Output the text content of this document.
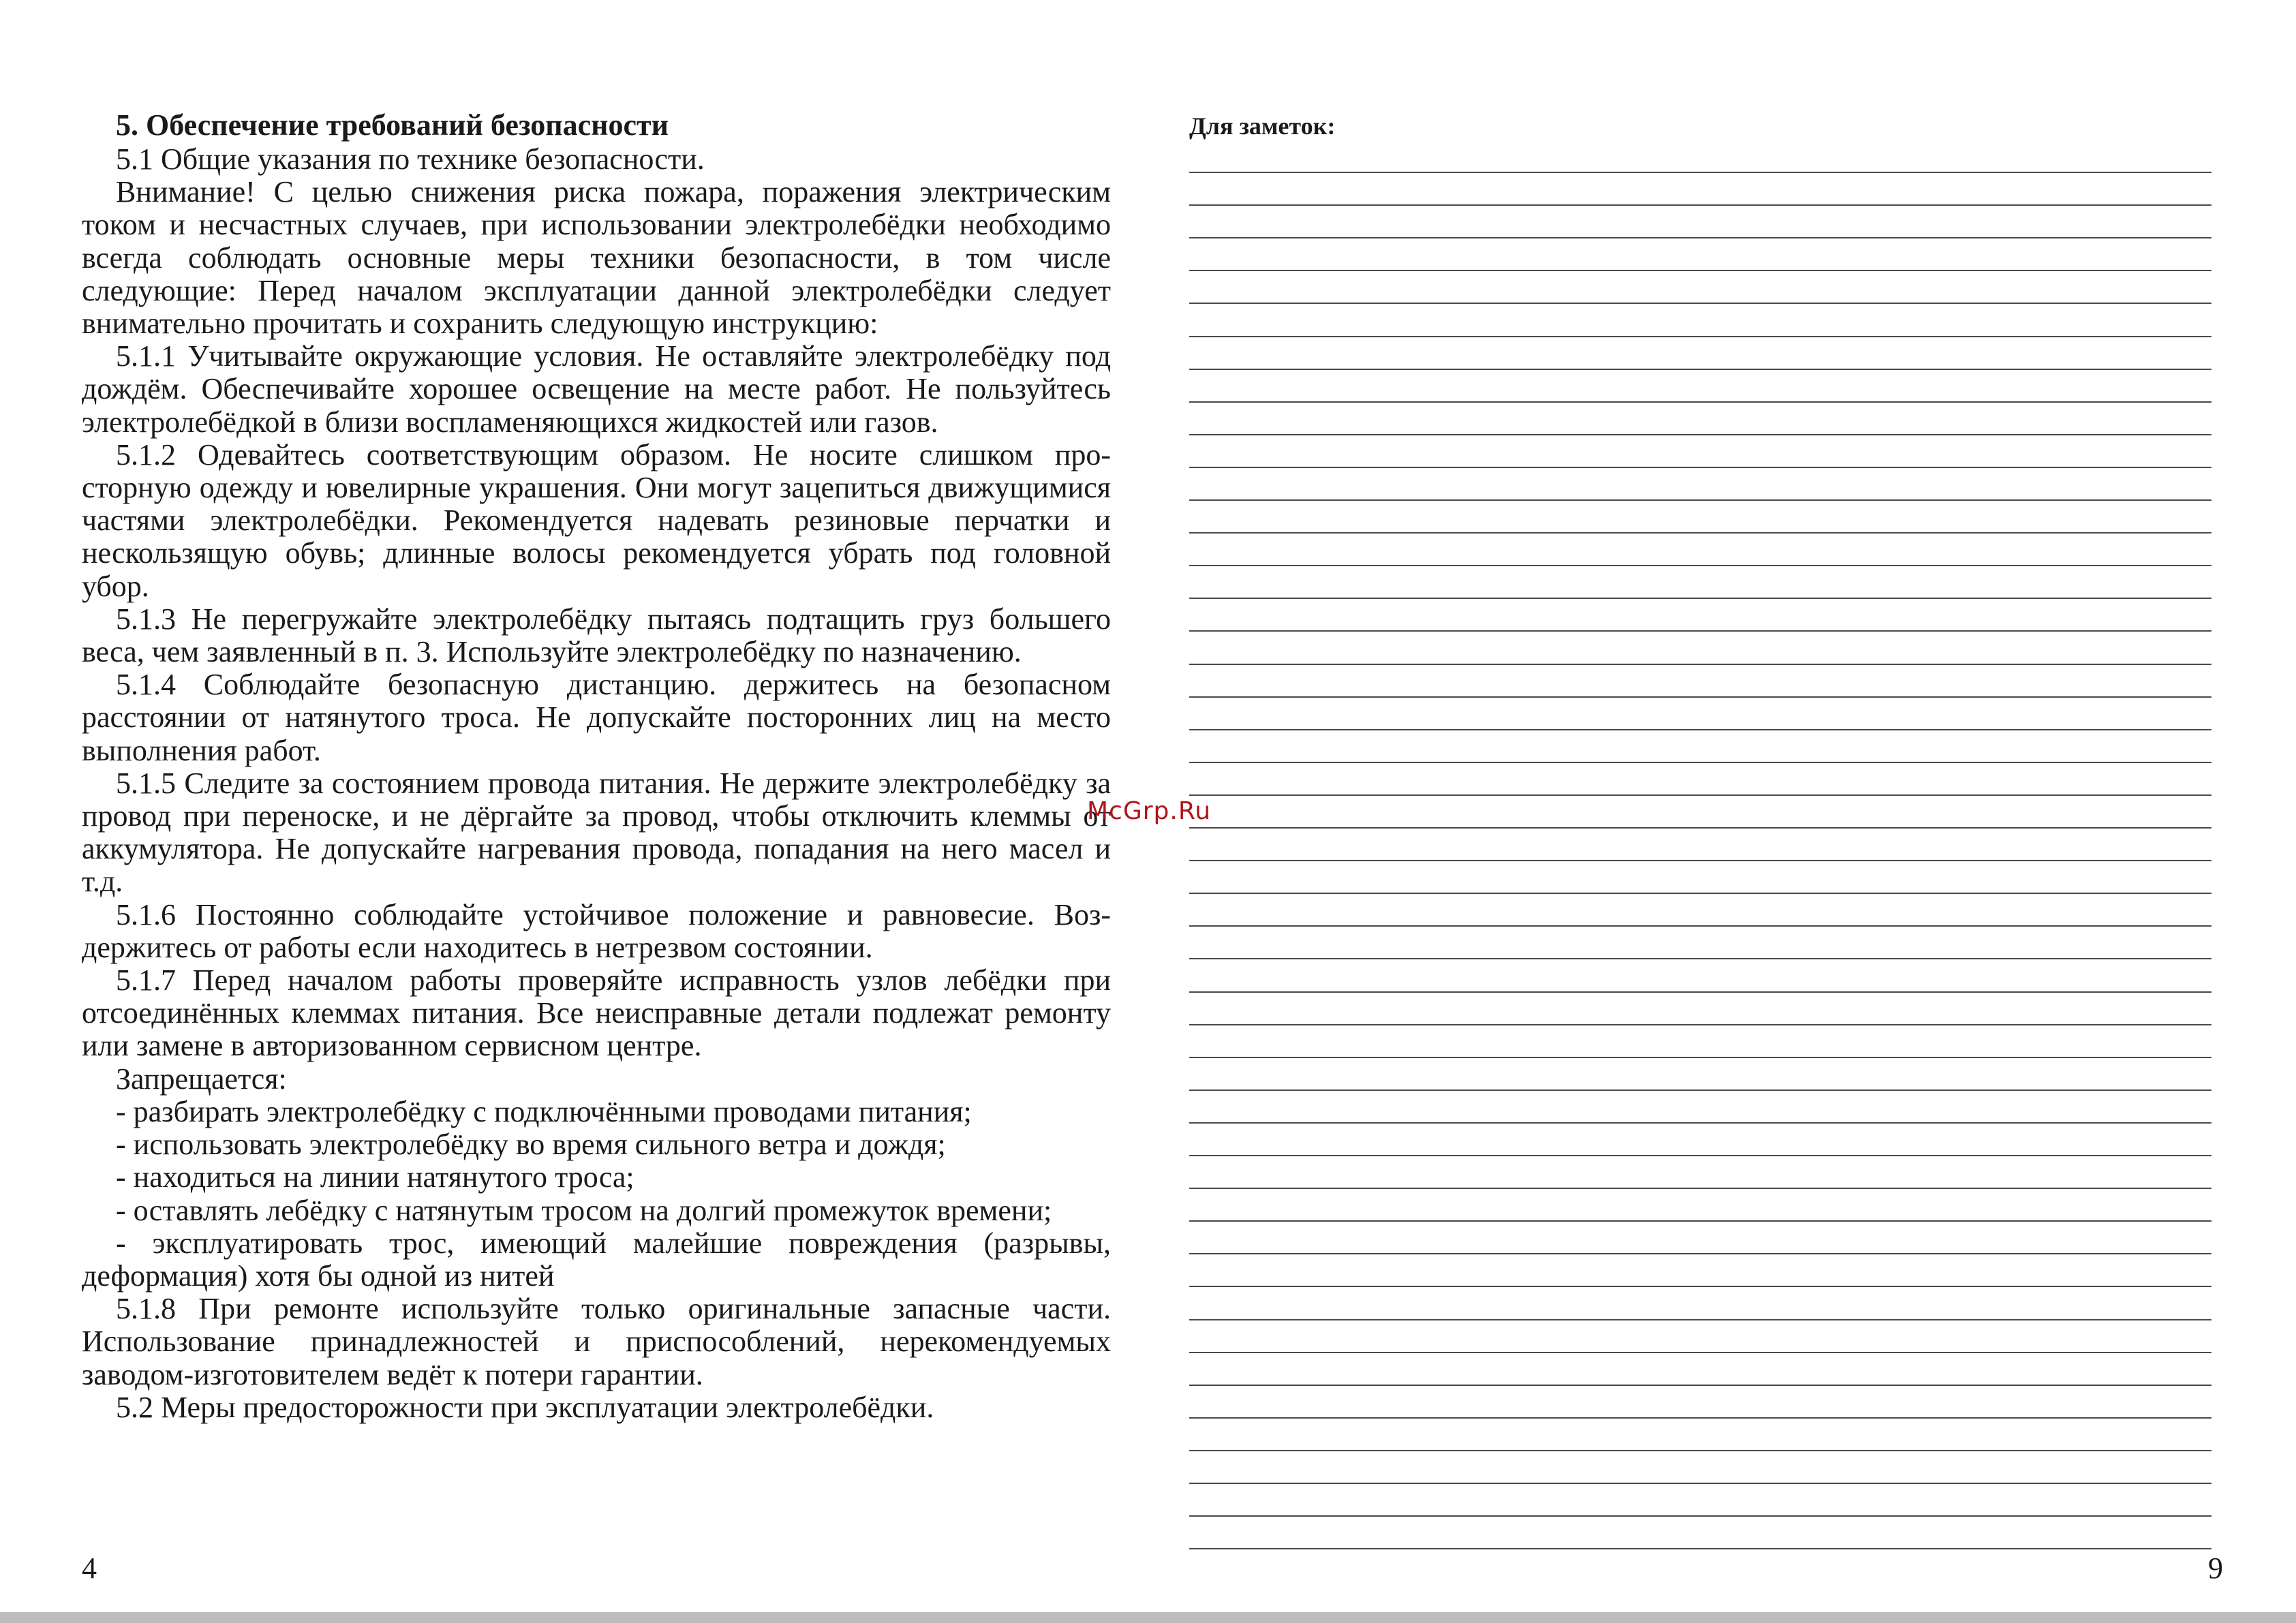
5. Обеспечение требований безопасности

5.1 Общие указания по технике безопасности.

Внимание! С целью снижения риска пожара, поражения электрическим током и несчастных случаев, при использовании электролебёдки необходимо всегда соблюдать основные меры техники безопасности, в том числе следующие: Перед началом эксплуатации данной электролебёдки следует внимательно прочитать и сохранить следующую инструкцию:

5.1.1 Учитывайте окружающие условия. Не оставляйте электролебёдку под дождём. Обеспечивайте хорошее освещение на месте работ. Не пользуйтесь электролебёдкой в близи воспламеняющихся жидкостей или газов.

5.1.2 Одевайтесь соответствующим образом. Не носите слишком просторную одежду и ювелирные украшения. Они могут зацепиться движущимися частями электролебёдки. Рекомендуется надевать резиновые перчатки и нескользящую обувь; длинные волосы рекомендуется убрать под головной убор.

5.1.3 Не перегружайте электролебёдку пытаясь подтащить груз большего веса, чем заявленный в п. 3. Используйте электролебёдку по назначению.

5.1.4 Соблюдайте безопасную дистанцию. держитесь на безопасном расстоянии от натянутого троса. Не допускайте посторонних лиц на место выполнения работ.

5.1.5 Следите за состоянием провода питания. Не держите электролебёдку за провод при переноске, и не дёргайте за провод, чтобы отключить клеммы от аккумулятора. Не допускайте нагревания провода, попадания на него масел и т.д.

5.1.6 Постоянно соблюдайте устойчивое положение и равновесие. Воздержитесь от работы если находитесь в нетрезвом состоянии.

5.1.7 Перед началом работы проверяйте исправность узлов лебёдки при отсоединённых клеммах питания. Все неисправные детали подлежат ремонту или замене в авторизованном сервисном центре.

Запрещается:

- разбирать электролебёдку с подключёнными проводами питания;

- использовать электролебёдку во время сильного ветра и дождя;

- находиться на линии натянутого троса;

- оставлять лебёдку с натянутым тросом на долгий промежуток времени;

- эксплуатировать трос, имеющий малейшие повреждения (разрывы, деформация) хотя бы одной из нитей

5.1.8 При ремонте используйте только оригинальные запасные части. Использование принадлежностей и приспособлений, нерекомендуемых заводом-изготовителем ведёт к потери гарантии.

5.2 Меры предосторожности при эксплуатации электролебёдки.

4

Для заметок:

9
McGrp.Ru
